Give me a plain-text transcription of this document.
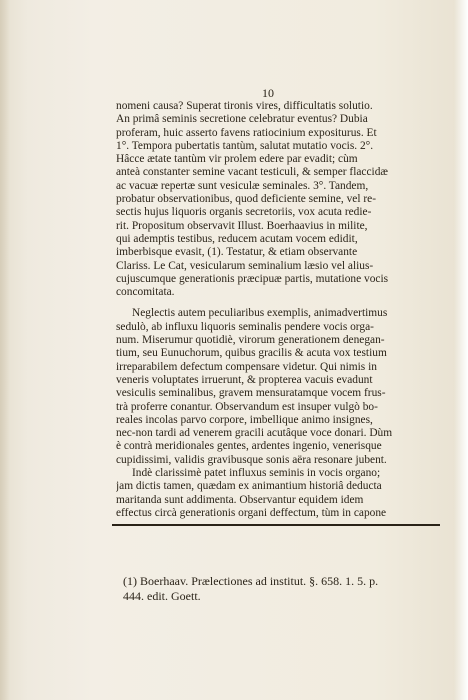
10
nomeni causa? Superat tironis vires, difficultatis solutio.
An primâ seminis secretione celebratur eventus? Dubia
proferam, huic asserto favens ratiocinium expositurus. Et
1°. Tempora pubertatis tantùm, salutat mutatio vocis. 2°.
Hâcce ætate tantùm vir prolem edere par evadit; cùm
anteà constanter semine vacant testiculi, & semper flaccidæ
ac vacuæ repertæ sunt vesiculæ seminales. 3°. Tandem,
probatur observationibus, quod deficiente semine, vel re-
sectis hujus liquoris organis secretoriis, vox acuta redie-
rit. Propositum observavit Illust. Boerhaavius in milite,
qui ademptis testibus, reducem acutam vocem edidit,
imberbisque evasit, (1). Testatur, & etiam observante
Clariss. Le Cat, vesicularum seminalium læsio vel alius-
cujuscumque generationis præcipuæ partis, mutatione vocis
concomitata.
Neglectis autem peculiaribus exemplis, animadvertimus
sedulò, ab influxu liquoris seminalis pendere vocis orga-
num. Miserumur quotidiè, virorum generationem denegan-
tium, seu Eunuchorum, quibus gracilis & acuta vox testium
irreparabilem defectum compensare videtur. Qui nimis in
veneris voluptates irruerunt, & propterea vacuis evadunt
vesiculis seminalibus, gravem mensuratamque vocem frus-
trà proferre conantur. Observandum est insuper vulgò bo-
reales incolas parvo corpore, imbellique animo insignes,
nec-non tardi ad venerem gracili acutâque voce donari. Dùm
è contrà meridionales gentes, ardentes ingenio, venerisque
cupidissimi, validis gravibusque sonis aëra resonare jubent.
Indè clarissimè patet influxus seminis in vocis organo;
jam dictis tamen, quædam ex animantium historiâ deducta
maritanda sunt addimenta. Observantur equidem idem
effectus circà generationis organi deffectum, tùm in capone
(1) Boerhaav. Prælectiones ad institut. §. 658. 1. 5. p.
444. edit. Goett.
